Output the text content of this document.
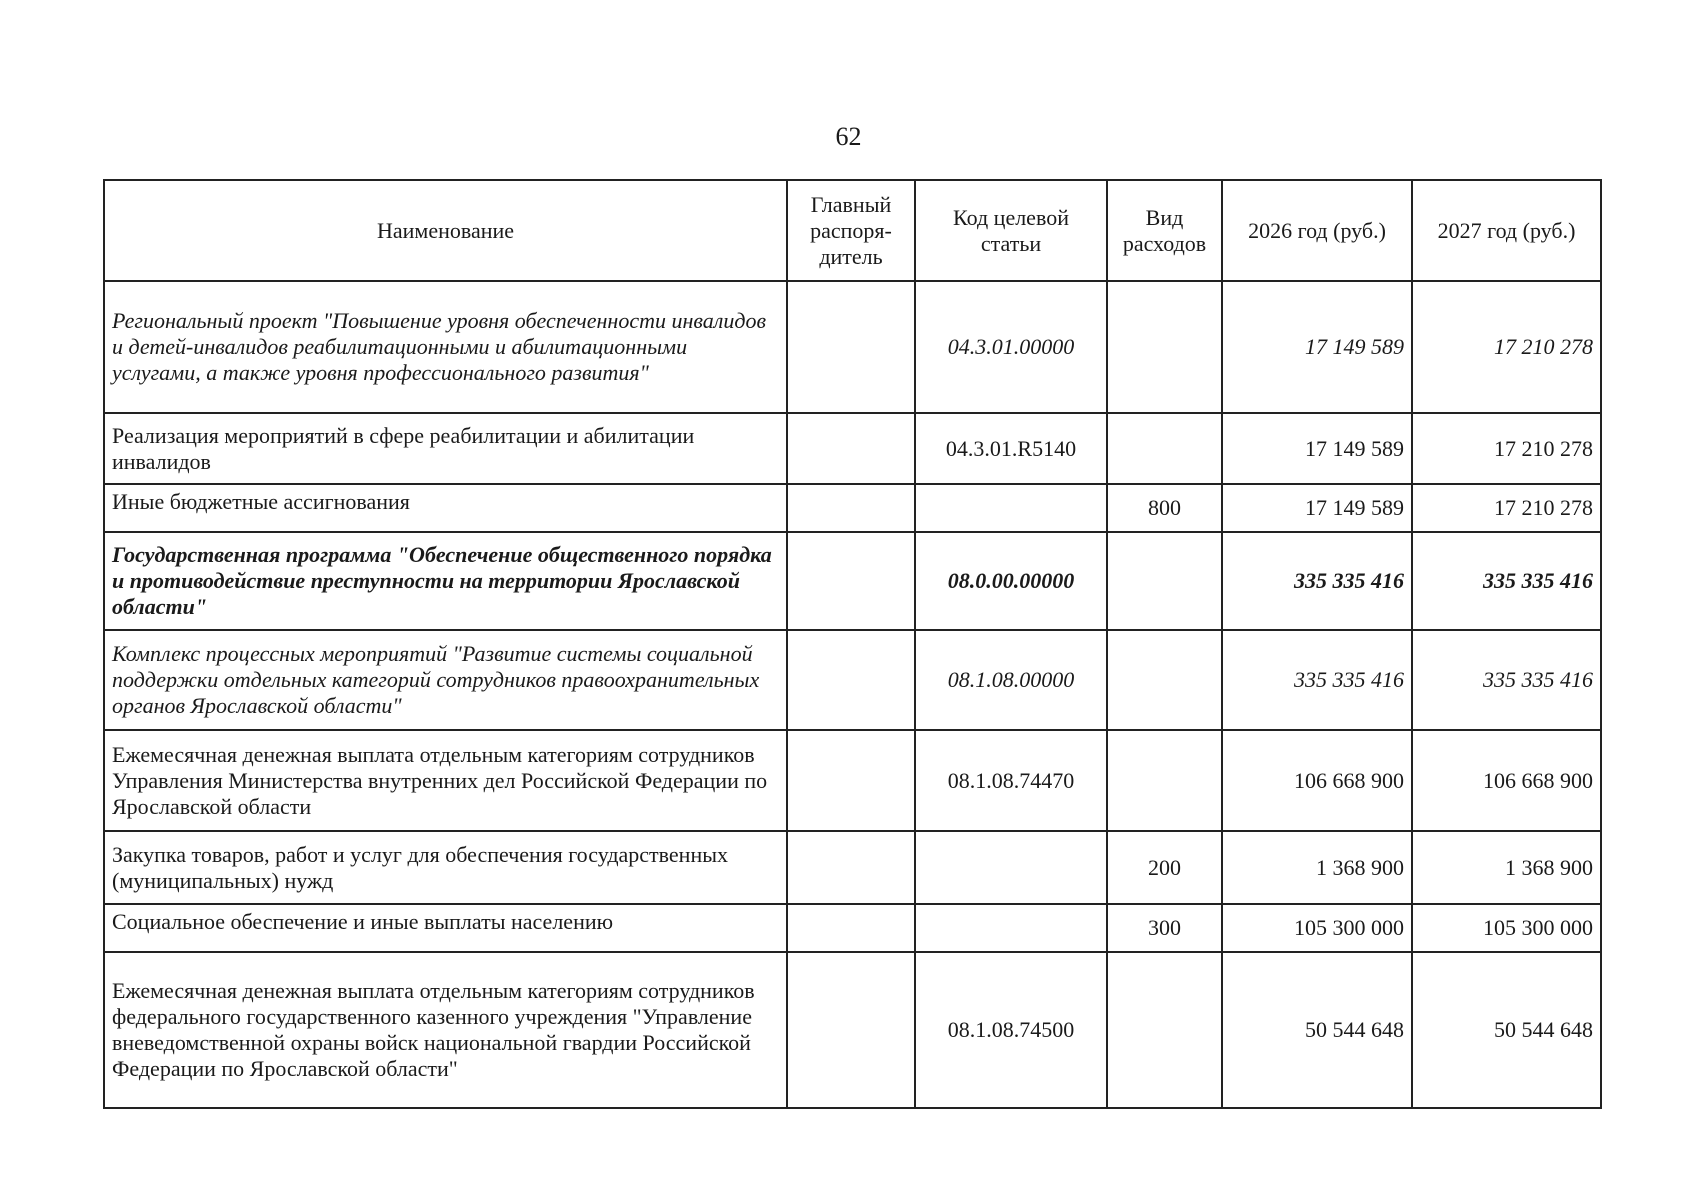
62
Наименование	Главный распоря-дитель	Код целевой статьи	Вид расходов	2026 год (руб.)	2027 год (руб.)
Региональный проект "Повышение уровня обеспеченности инвалидов и детей-инвалидов реабилитационными и абилитационными услугами, а также уровня профессионального развития"		04.3.01.00000		17 149 589	17 210 278
Реализация мероприятий в сфере реабилитации и абилитации инвалидов		04.3.01.R5140		17 149 589	17 210 278
Иные бюджетные ассигнования			800	17 149 589	17 210 278
Государственная программа "Обеспечение общественного порядка и противодействие преступности на территории Ярославской области"		08.0.00.00000		335 335 416	335 335 416
Комплекс процессных мероприятий "Развитие системы социальной поддержки отдельных категорий сотрудников правоохранительных органов Ярославской области"		08.1.08.00000		335 335 416	335 335 416
Ежемесячная денежная выплата отдельным категориям сотрудников Управления Министерства внутренних дел Российской Федерации по Ярославской области		08.1.08.74470		106 668 900	106 668 900
Закупка товаров, работ и услуг для обеспечения государственных (муниципальных) нужд			200	1 368 900	1 368 900
Социальное обеспечение и иные выплаты населению			300	105 300 000	105 300 000
Ежемесячная денежная выплата отдельным категориям сотрудников федерального государственного казенного учреждения "Управление вневедомственной охраны войск национальной гвардии Российской Федерации по Ярославской области"		08.1.08.74500		50 544 648	50 544 648
